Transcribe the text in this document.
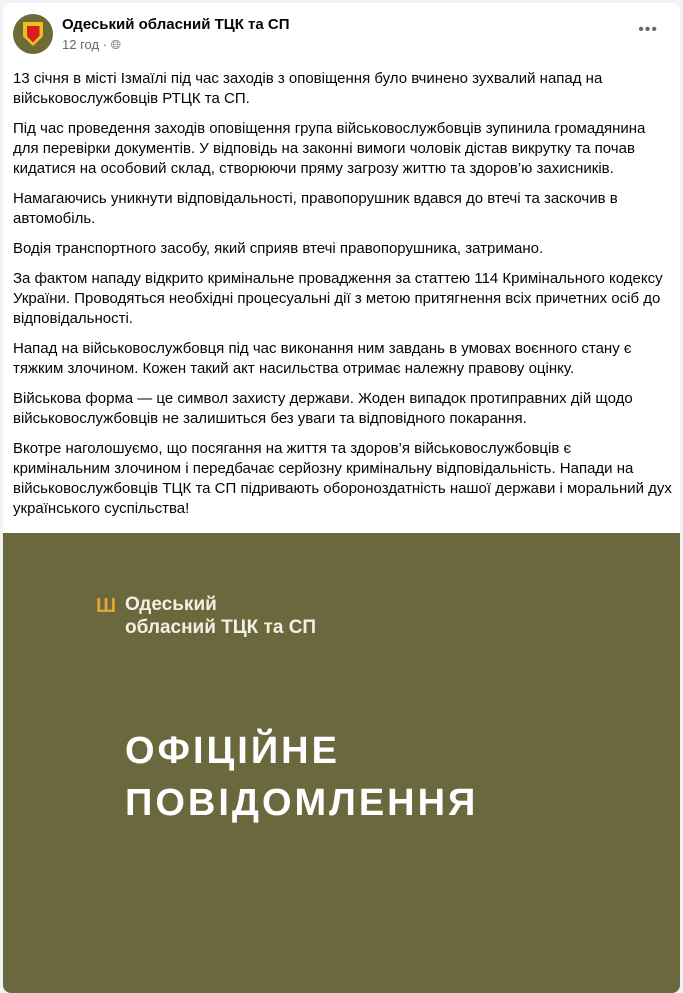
Одеський обласний ТЦК та СП
12 год · 🌐︎
•••

13 січня в місті Ізмаїлі під час заходів з оповіщення було вчинено зухвалий напад на військовослужбовців РТЦК та СП.

Під час проведення заходів оповіщення група військовослужбовців зупинила громадянина для перевірки документів. У відповідь на законні вимоги чоловік дістав викрутку та почав кидатися на особовий склад, створюючи пряму загрозу життю та здоров’ю захисників.

Намагаючись уникнути відповідальності, правопорушник вдався до втечі та заскочив в автомобіль.

Водія транспортного засобу, який сприяв втечі правопорушника, затримано.

За фактом нападу відкрито кримінальне провадження за статтею 114 Кримінального кодексу України. Проводяться необхідні процесуальні дії з метою притягнення всіх причетних осіб до відповідальності.

Напад на військовослужбовця під час виконання ним завдань в умовах воєнного стану є тяжким злочином. Кожен такий акт насильства отримає належну правову оцінку.

Військова форма — це символ захисту держави. Жоден випадок протиправних дій щодо військовослужбовців не залишиться без уваги та відповідного покарання.

Вкотре наголошуємо, що посягання на життя та здоров’я військовослужбовців є кримінальним злочином і передбачає серйозну кримінальну відповідальність. Напади на військовослужбовців ТЦК та СП підривають обороноздатність нашої держави і моральний дух українського суспільства!

Ш Одеський
обласний ТЦК та СП
ОФІЦІЙНЕ
ПОВІДОМЛЕННЯ
